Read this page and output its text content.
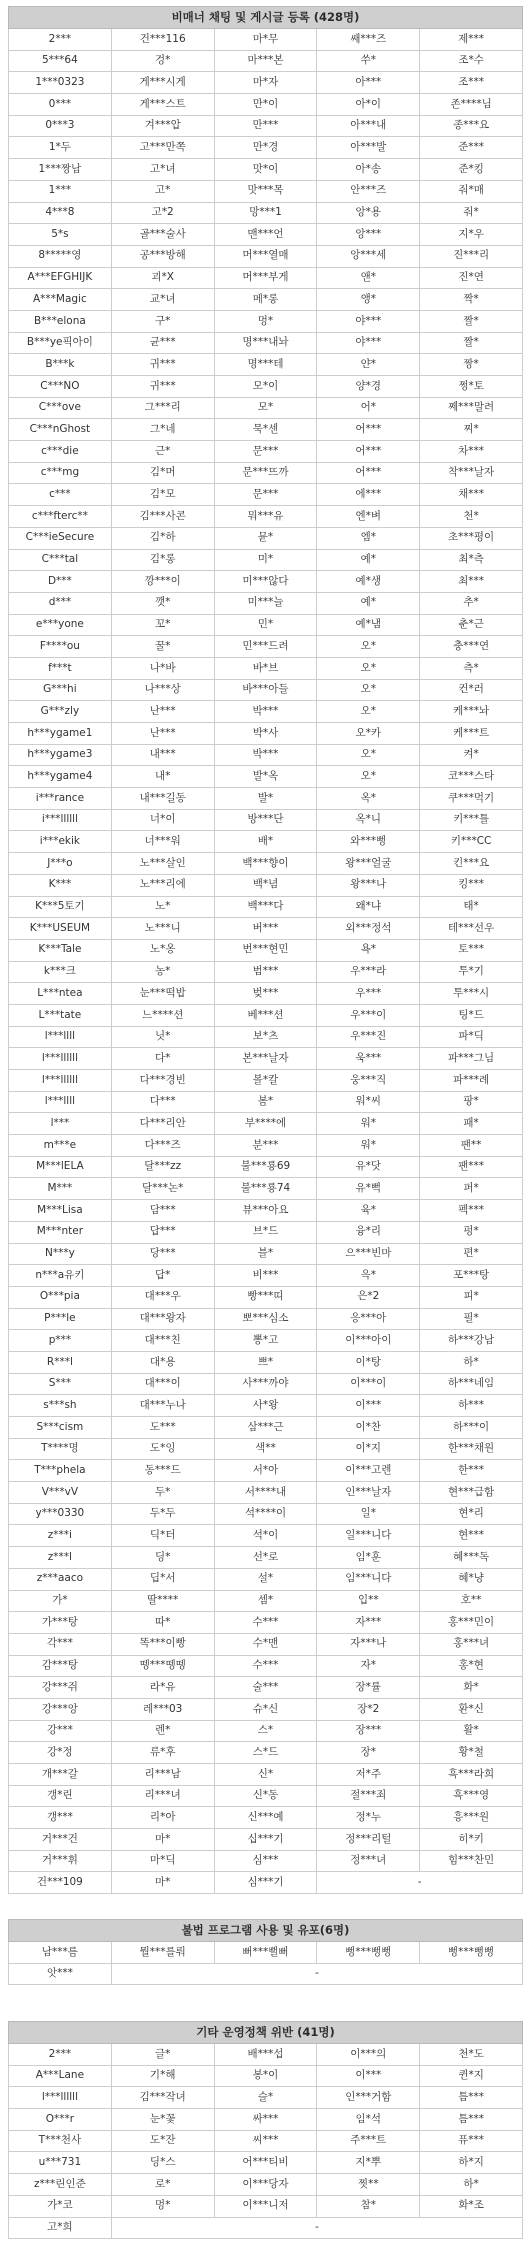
비매너 채팅 및 게시글 등록 (428명)				
2***	건***116	마*무	쌔***즈	제***
5***64	겅*	마***본	쑤*	조*수
1***0323	게***시게	마*자	아***	조***
0***	게***스트	만*이	아*이	존****님
0***3	겨***압	만***	아***내	종***요
1*두	고***만쪽	만*경	아***발	준***
1***짱남	고*녀	맛*이	아*송	준*킹
1***	고*	맛***목	안***즈	줘*매
4***8	고*2	망***1	앙*용	줘*
5*s	골***술사	맨***언	앙***	지*우
8*****영	공***방해	머***열매	앙***세	진***리
A***EFGHIJK	괴*X	머***부게	앤*	진*연
A***Magic	교*녀	메*롱	앵*	짝*
B***elona	구*	멍*	야***	짤*
B***ye픽아이	균***	명***내놔	야***	짤*
B***k	귀***	명***테	얀*	짱*
C***NO	귀***	모*이	양*경	쩡*토
C***ove	그***리	모*	어*	쩨***말려
C***nGhost	그*네	묵*센	어***	찌*
c***die	근*	문***	어***	차***
c***mg	김*머	문***뜨까	어***	착***날자
c***	김*모	문***	에***	채***
c***fterc**	김***사콘	뭐***유	엔*벼	천*
C***ieSecure	김*하	뮨*	엠*	초***평이
C***tal	김*롱	미*	예*	최*측
D***	깡***이	미***않다	예*생	최***
d***	깻*	미***늘	예*	추*
e***yone	꼬*	민*	예*냄	춘*근
F****ou	꿀*	민***드려	오*	충***연
f***t	나*바	바*브	오*	측*
G***hi	나***상	바***아들	오*	컨*러
G***zly	난***	박***	오*	케***놔
h***ygame1	난***	박*사	오*카	케***트
h***ygame3	내***	박***	오*	켜*
h***ygame4	내*	발*옥	오*	코***스타
i***rance	내***길동	발*	옥*	쿠***먹기
i***llllll	너*이	방***단	옥*니	키***틀
i***ekik	너***워	배*	와***뻥	키***CC
J***o	노***살인	백***향이	왕***얼굴	킨***요
K***	노***리에	백*념	왕***나	킹***
K***5토기	노*	백***다	왜*냐	태*
K***USEUM	노***니	버***	외***정석	테***선우
K***Tale	노*옹	번***현민	욕*	토***
k***크	농*	범***	우***라	투*기
L***ntea	눈***떡밥	벚***	우***	투***시
L***tate	느****션	베***션	우***이	팅*드
l***llll	닛*	보*츠	우***진	파*딕
l***llllll	다*	본***날자	욱***	파***그님
l***llllll	다***경빈	볼*칼	웅***직	파***례
l***llll	다***	봄*	워*씨	팡*
l***	다***리안	부****에	워*	패*
m***e	다***즈	분***	워*	팬**
M***lELA	달***zz	불***룡69	유*닷	팬***
M***	달***논*	불***룡74	유*뻑	퍼*
M***Lisa	담***	뷰***아요	육*	펙***
M***nter	답***	브*드	융*리	펑*
N***y	당***	블*	으***빈마	편*
n***a유키	답*	비***	윽*	포***탕
O***pia	대***우	빵***띠	은*2	피*
P***le	대***왕자	뽀***심소	응***아	필*
p***	대***친	뽕*고	이***아이	하***강남
R***l	대*용	쁘*	이*탕	하*
S***	대***이	사***까야	이***이	하***네임
s***sh	대***누나	사*왕	이***	하***
S***cism	도***	삼***근	이*찬	하***이
T****명	도*잉	색**	이*지	한***채원
T***phela	동***드	서*아	이***고렌	한***
V***vV	두*	서****내	인***날자	현***급함
y***0330	두*두	석****이	일*	현*리
z***i	딕*터	석*이	일***니다	현***
z***l	딩*	선*로	임*훈	혜***독
z***aaco	딥*서	설*	임***니다	혜*냥
가*	딸****	셈*	입**	호**
가***탕	따*	수***	자***	홍***민이
각***	똑***이빵	수*맨	자***나	홍***녀
감***탕	뗑***뗑뗑	수***	자*	홍*현
강***쥐	라*유	술***	장*률	화*
강***앙	레***03	슈*신	장*2	환*신
강***	렌*	스*	장***	활*
강*정	류*후	스*드	장*	황*철
개***갈	리***남	신*	저*주	흑***라희
갱*린	리***녀	신*동	절***죄	흑***영
갱***	리*아	신***예	정*누	흥***원
거***건	마*	십***기	정***리털	히*키
거***휘	마*딕	심***	정***녀	힘***찬민
건***109	마*	심***기	-	
불법 프로그램 사용 및 유포(6명)				
남***름	뭘***를뤄	뻐***뻘뻐	뻥***뻥뻥	뻥***뻥뻥
앗***	-			
기타 운영정책 위반 (41명)				
2***	글*	배***섭	이***의	천*도
A***Lane	기*해	봉*이	이***	퀸*지
l***llllll	김***작녀	슬*	인***거함	틈***
O***r	눈*꽃	싸***	임*석	틈***
T***천사	도*잔	씨***	주***트	퓨***
u***731	딩*스	어***티비	지*뿌	하*지
z***린인준	로*	이***당자	찟**	하*
가*코	멍*	이***니저	참*	화*조
고*희	-			
